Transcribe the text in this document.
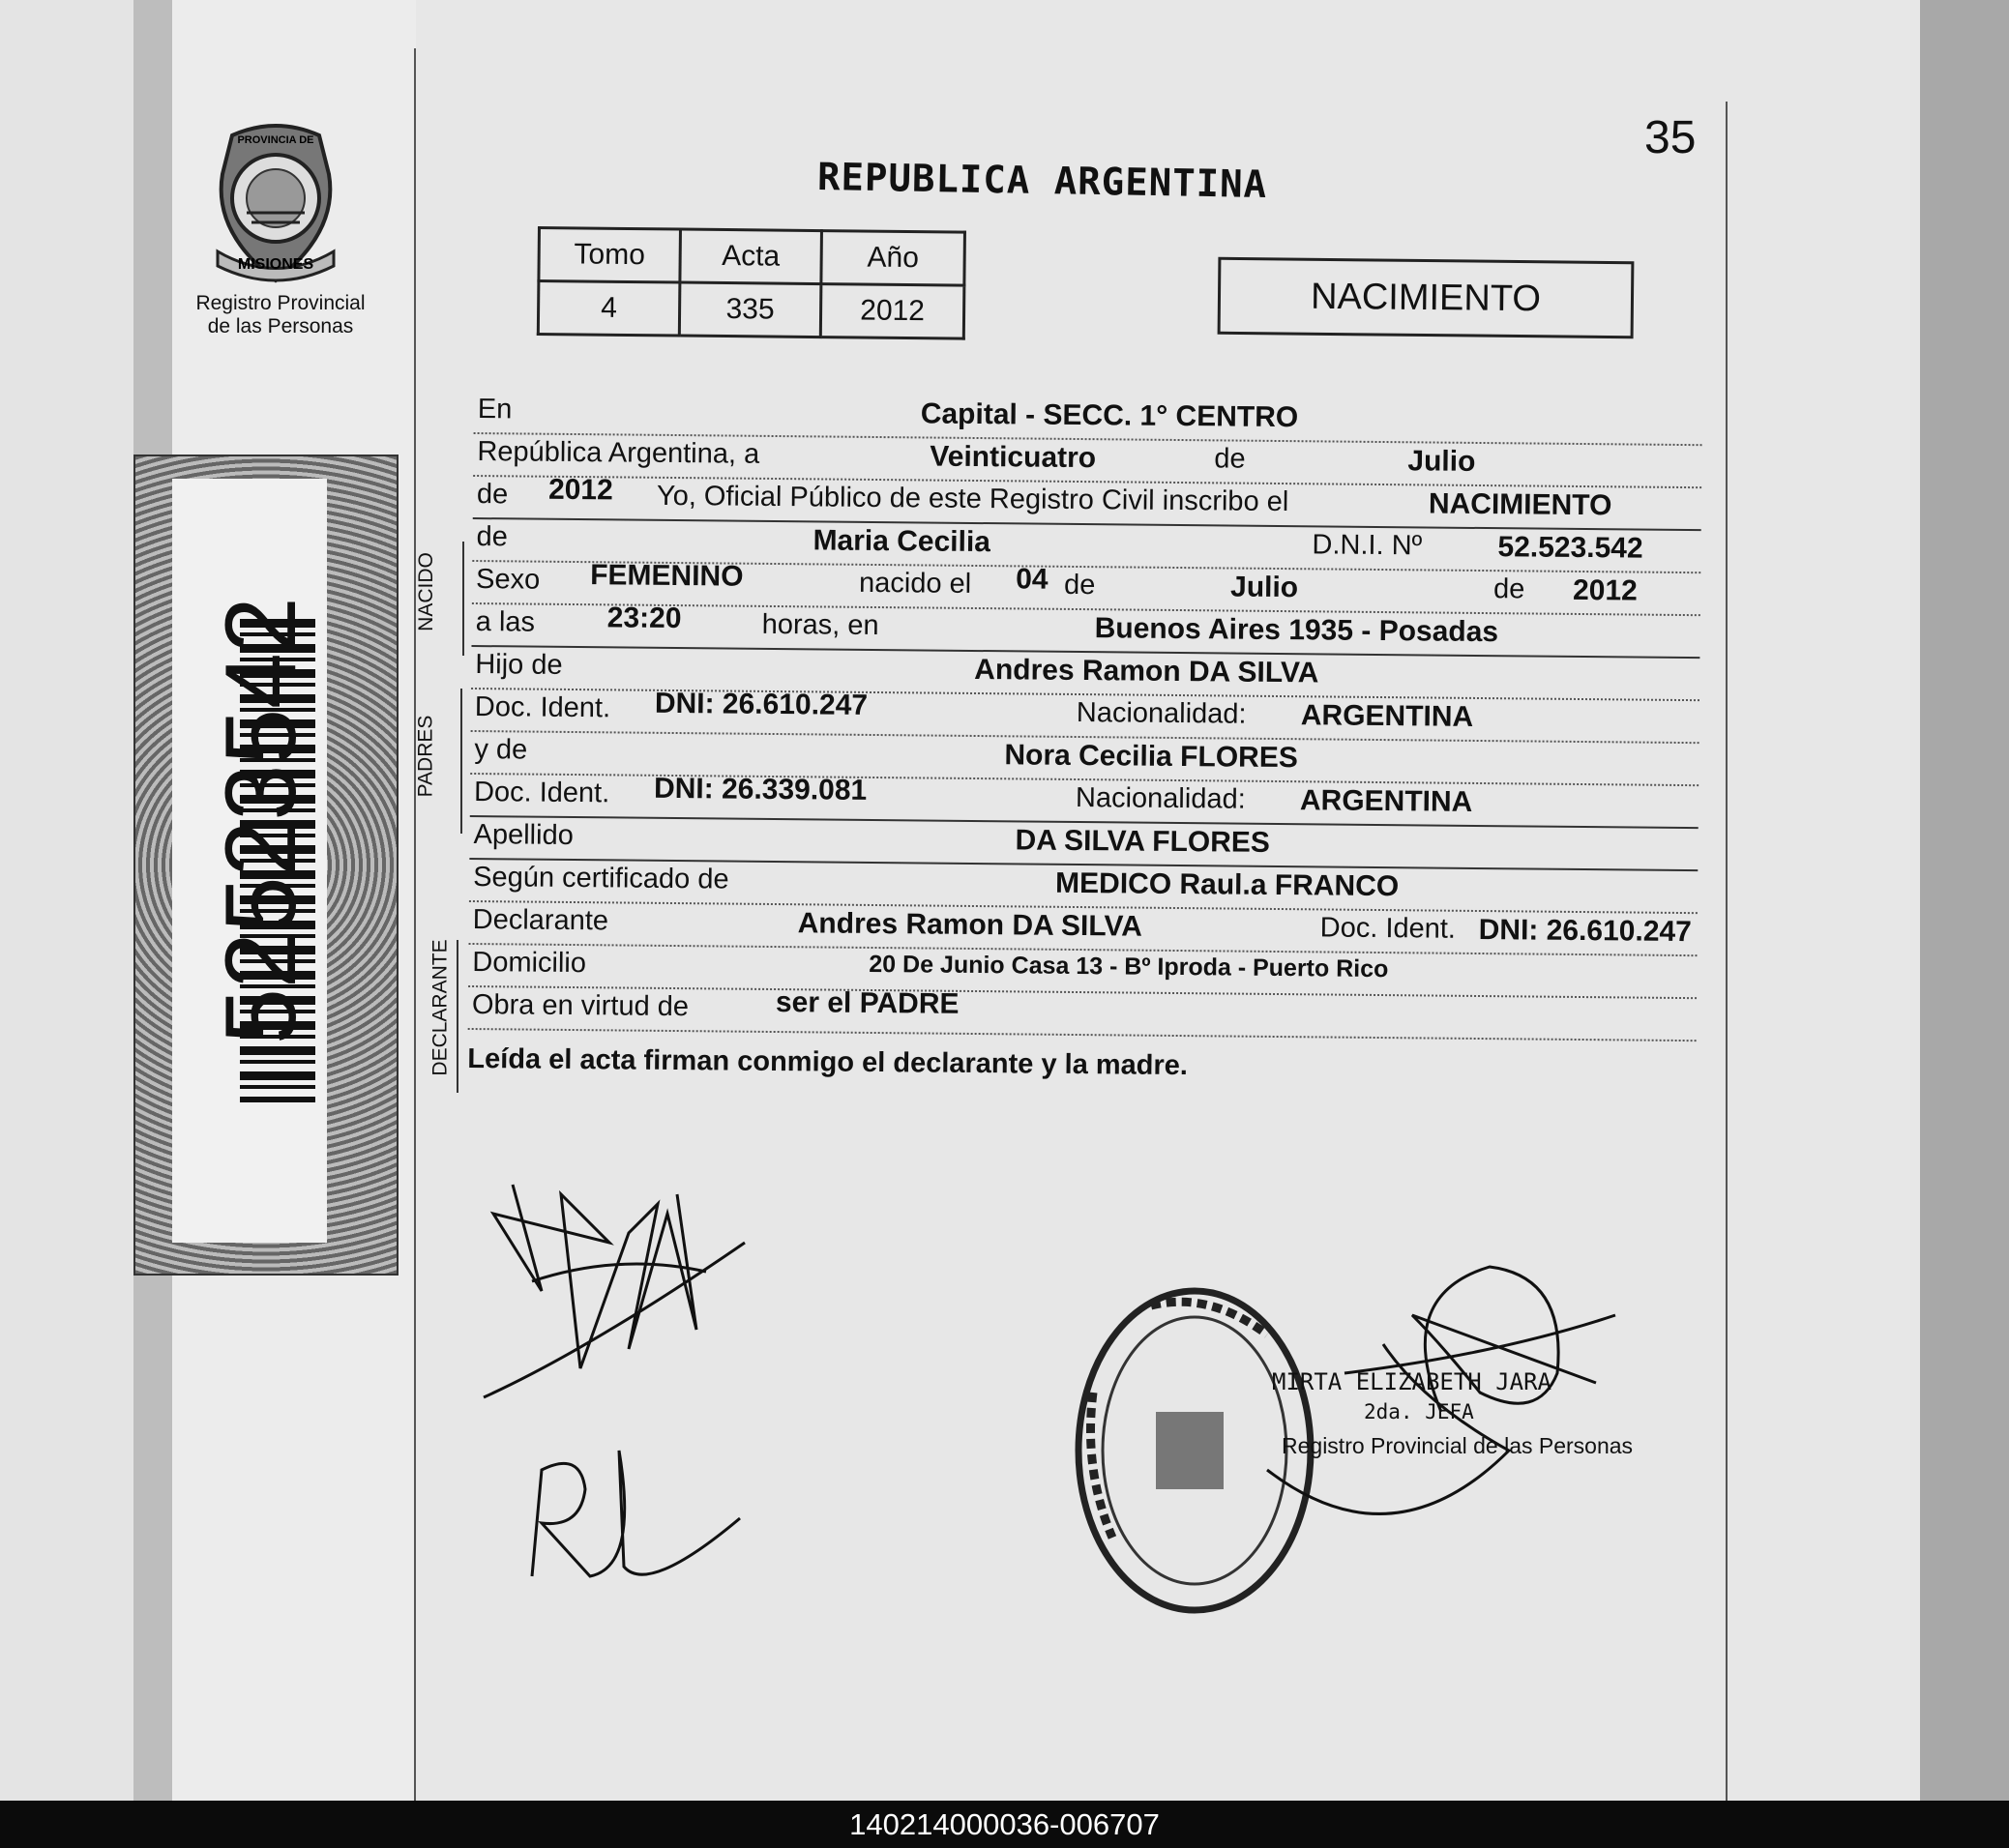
MISIONES
PROVINCIA DE
Registro Provincial
de las Personas
35
REPUBLICA ARGENTINA
Tomo	Acta	Año
4	335	2012	NACIMIENTO
NACIDO
PADRES
DECLARANTE
En	Capital - SECC. 1° CENTRO
República Argentina, a	Veinticuatro	de	Julio
de 2012 Yo, Oficial Público de este Registro Civil inscribo el	NACIMIENTO
de	Maria Cecilia	D.N.I. Nº	52.523.542
Sexo FEMENINO	nacido el 04 de	Julio	de 2012
a las 23:20	horas, en	Buenos Aires 1935 - Posadas
Hijo de	Andres Ramon DA SILVA
Doc. Ident. DNI: 26.610.247	Nacionalidad: ARGENTINA
y de	Nora Cecilia FLORES
Doc. Ident. DNI: 26.339.081	Nacionalidad: ARGENTINA
Apellido	DA SILVA FLORES
Según certificado de	MEDICO Raul.a FRANCO
Declarante	Andres Ramon DA SILVA	Doc. Ident. DNI: 26.610.247
Domicilio	20 De Junio Casa 13 - Bº Iproda - Puerto Rico
Obra en virtud de	ser el PADRE
Leída el acta firman conmigo el declarante y la madre.
MIRTA ELIZABETH JARA
2da. JEFA
Registro Provincial de las Personas
140214000036-006707
